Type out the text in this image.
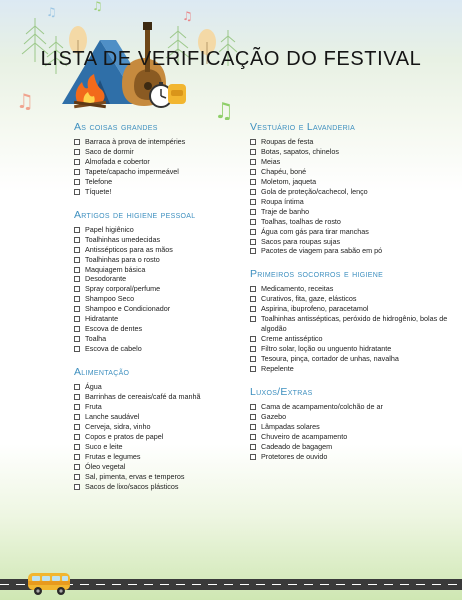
♫	♫
♫
♫	♫
LISTA DE VERIFICAÇÃO DO FESTIVAL
As coisas grandes
Barraca à prova de intempéries
Saco de dormir
Almofada e cobertor
Tapete/capacho impermeável
Telefone
Tíquete!
Artigos de higiene pessoal
Papel higiênico
Toalhinhas umedecidas
Antissépticos para as mãos
Toalhinhas para o rosto
Maquiagem básica
Desodorante
Spray corporal/perfume
Shampoo Seco
Shampoo e Condicionador
Hidratante
Escova de dentes
Toalha
Escova de cabelo
Alimentação
Água
Barrinhas de cereais/café da manhã
Fruta
Lanche saudável
Cerveja, sidra, vinho
Copos e pratos de papel
Suco e leite
Frutas e legumes
Óleo vegetal
Sal, pimenta, ervas e temperos
Sacos de lixo/sacos plásticos
Vestuário e Lavanderia
Roupas de festa
Botas, sapatos, chinelos
Meias
Chapéu, boné
Moletom, jaqueta
Gola de proteção/cachecol, lenço
Roupa íntima
Traje de banho
Toalhas, toalhas de rosto
Água com gás para tirar manchas
Sacos para roupas sujas
Pacotes de viagem para sabão em pó
Primeiros socorros e higiene
Medicamento, receitas
Curativos, fita, gaze, elásticos
Aspirina, ibuprofeno, paracetamol
Toalhinhas antissépticas, peróxido de hidrogênio, bolas de algodão
Creme antisséptico
Filtro solar, loção ou unguento hidratante
Tesoura, pinça, cortador de unhas, navalha
Repelente
Luxos/Extras
Cama de acampamento/colchão de ar
Gazebo
Lâmpadas solares
Chuveiro de acampamento
Cadeado de bagagem
Protetores de ouvido
